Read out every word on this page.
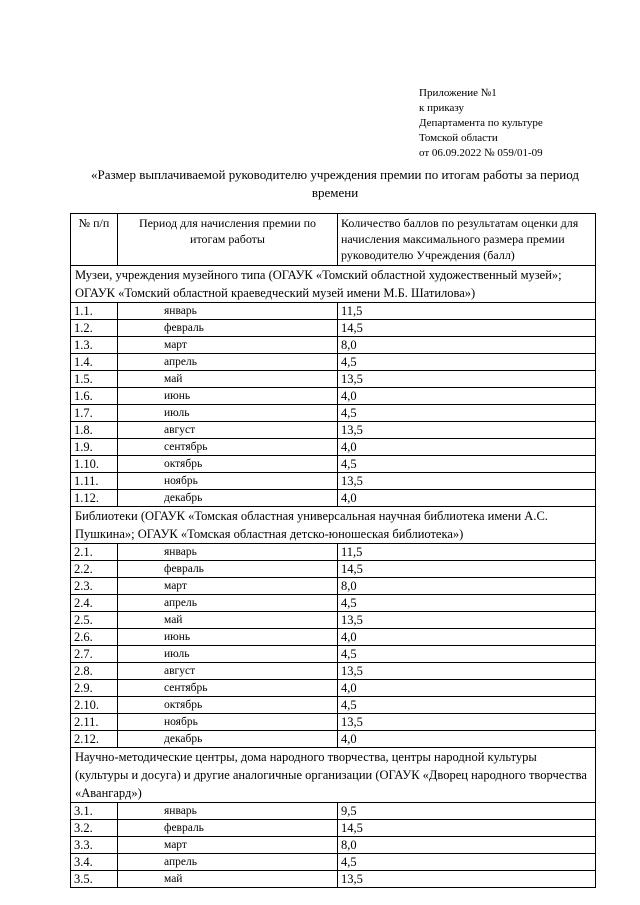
Приложение №1
к приказу
Департамента по культуре
Томской области
от 06.09.2022 № 059/01-09
«Размер выплачиваемой руководителю учреждения премии по итогам работы за период времени
№ п/п	Период для начисления премии по итогам работы	Количество баллов по результатам оценки для начисления максимального размера премии руководителю Учреждения (балл)
Музеи, учреждения музейного типа (ОГАУК «Томский областной художественный музей»; ОГАУК «Томский областной краеведческий музей имени М.Б. Шатилова»)		
1.1.	январь	11,5
1.2.	февраль	14,5
1.3.	март	8,0
1.4.	апрель	4,5
1.5.	май	13,5
1.6.	июнь	4,0
1.7.	июль	4,5
1.8.	август	13,5
1.9.	сентябрь	4,0
1.10.	октябрь	4,5
1.11.	ноябрь	13,5
1.12.	декабрь	4,0
Библиотеки (ОГАУК «Томская областная универсальная научная библиотека имени А.С. Пушкина»; ОГАУК «Томская областная детско-юношеская библиотека»)		
2.1.	январь	11,5
2.2.	февраль	14,5
2.3.	март	8,0
2.4.	апрель	4,5
2.5.	май	13,5
2.6.	июнь	4,0
2.7.	июль	4,5
2.8.	август	13,5
2.9.	сентябрь	4,0
2.10.	октябрь	4,5
2.11.	ноябрь	13,5
2.12.	декабрь	4,0
Научно-методические центры, дома народного творчества, центры народной культуры (культуры и досуга) и другие аналогичные организации (ОГАУК «Дворец народного творчества «Авангард»)		
3.1.	январь	9,5
3.2.	февраль	14,5
3.3.	март	8,0
3.4.	апрель	4,5
3.5.	май	13,5
